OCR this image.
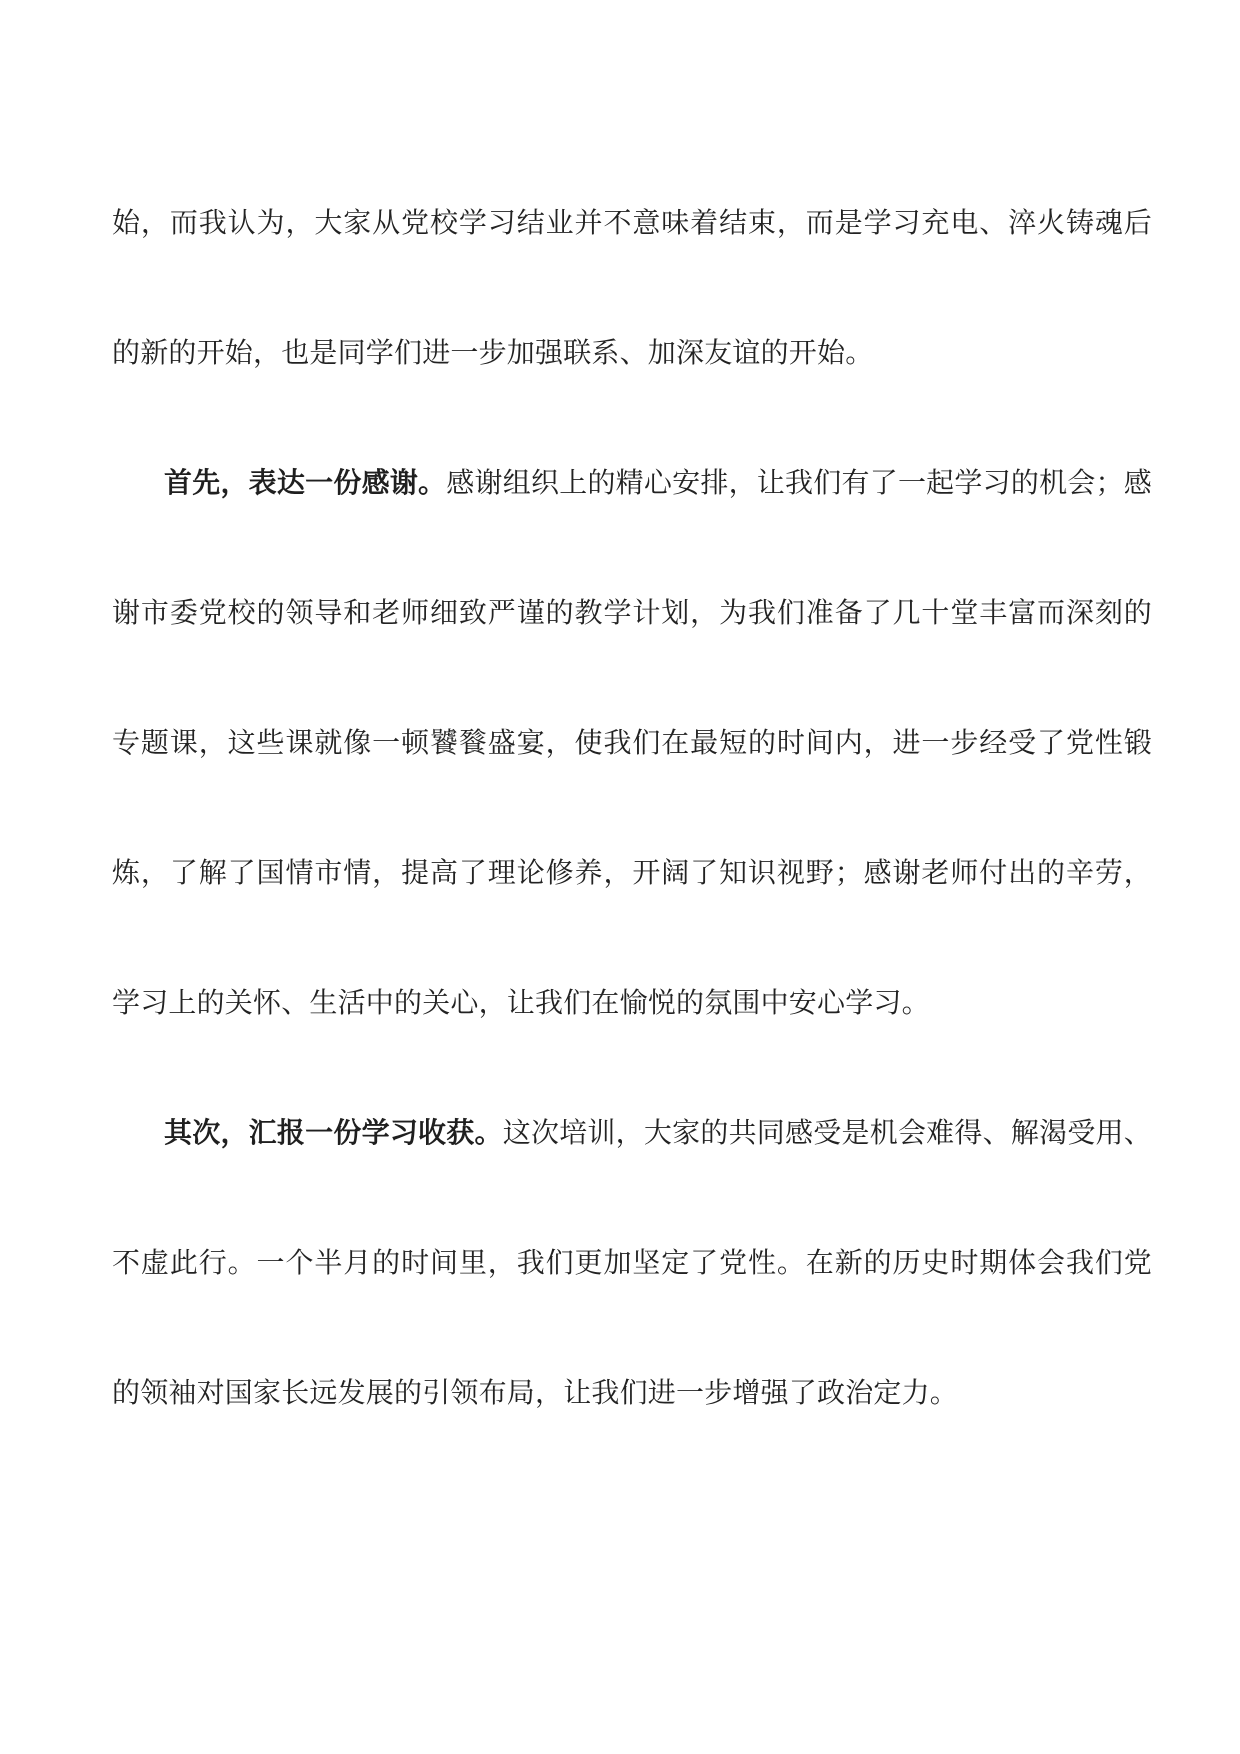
始，而我认为，大家从党校学习结业并不意味着结束，而是学习充电、淬火铸魂后的新的开始，也是同学们进一步加强联系、加深友谊的开始。

首先，表达一份感谢。感谢组织上的精心安排，让我们有了一起学习的机会；感谢市委党校的领导和老师细致严谨的教学计划，为我们准备了几十堂丰富而深刻的专题课，这些课就像一顿饕餮盛宴，使我们在最短的时间内，进一步经受了党性锻炼，了解了国情市情，提高了理论修养，开阔了知识视野；感谢老师付出的辛劳，学习上的关怀、生活中的关心，让我们在愉悦的氛围中安心学习。

其次，汇报一份学习收获。这次培训，大家的共同感受是机会难得、解渴受用、不虚此行。一个半月的时间里，我们更加坚定了党性。在新的历史时期体会我们党的领袖对国家长远发展的引领布局，让我们进一步增强了政治定力。
